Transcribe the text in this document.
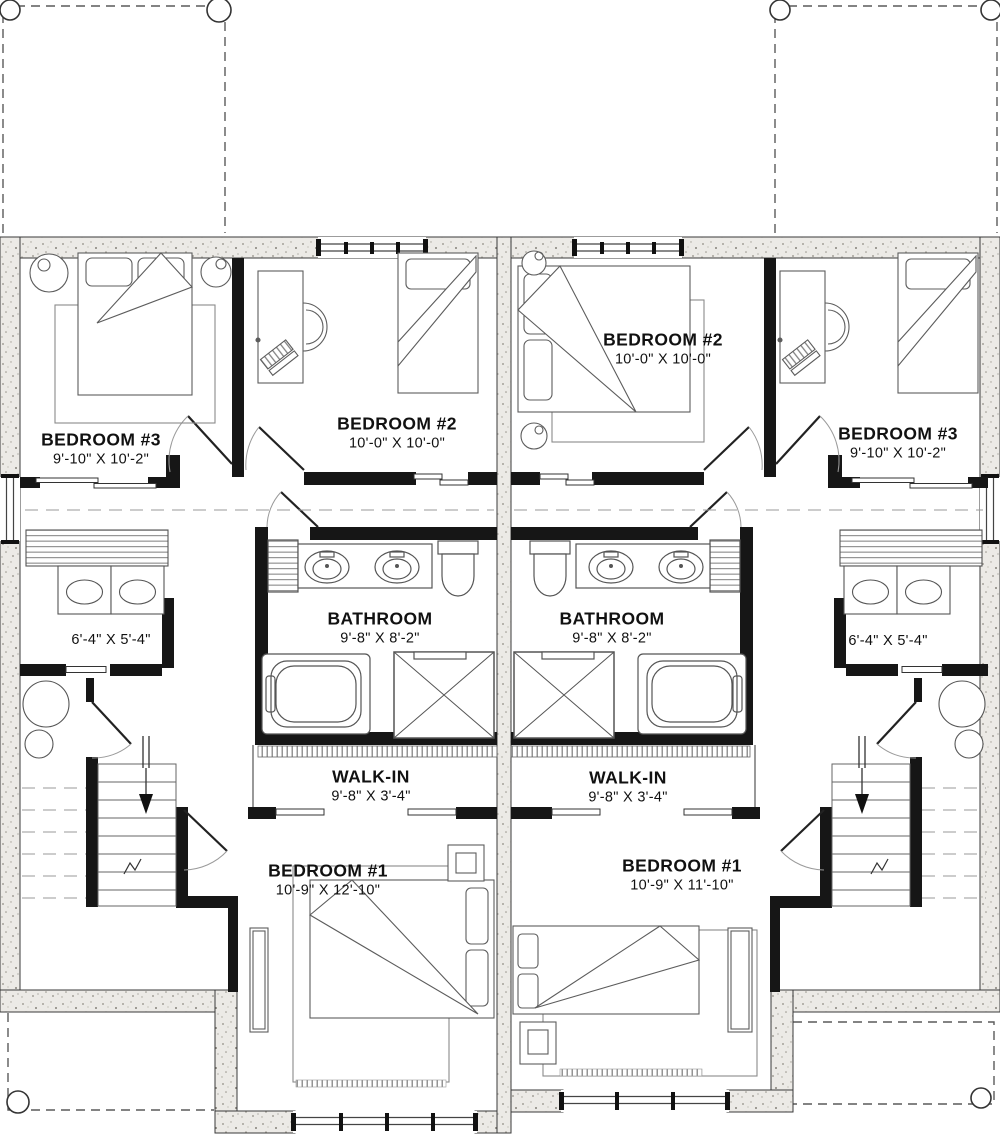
BEDROOM #3
9'-10" X 10'-2"
BEDROOM #2
10'-0" X 10'-0"
BATHROOM
9'-8" X 8'-2"
WALK-IN
9'-8" X 3'-4"
BEDROOM #1
10'-9" X 12'-10"
6'-4" X 5'-4"
BEDROOM #2
10'-0" X 10'-0"
BEDROOM #3
9'-10" X 10'-2"
BATHROOM
9'-8" X 8'-2"
WALK-IN
9'-8" X 3'-4"
BEDROOM #1
10'-9" X 11'-10"
6'-4" X 5'-4"
